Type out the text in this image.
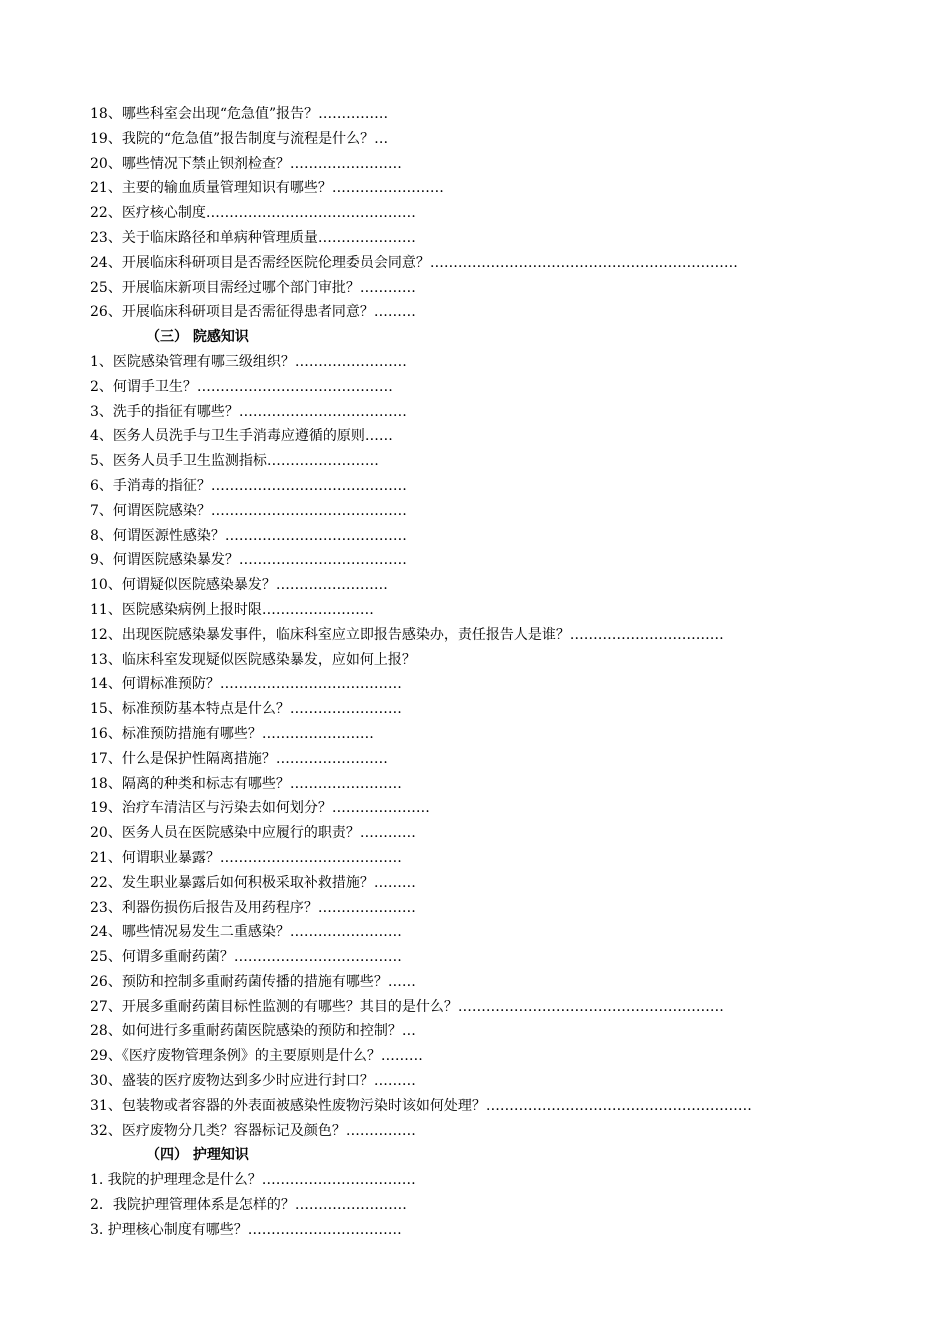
18、哪些科室会出现“危急值”报告？……………
19、我院的“危急值”报告制度与流程是什么？…
20、哪些情况下禁止钡剂检查？……………………
21、主要的输血质量管理知识有哪些？……………………
22、医疗核心制度………………………………………
23、关于临床路径和单病种管理质量…………………
24、开展临床科研项目是否需经医院伦理委员会同意？…………………………………………………………
25、开展临床新项目需经过哪个部门审批？…………
26、开展临床科研项目是否需征得患者同意？………
（三） 院感知识
1、医院感染管理有哪三级组织？……………………
2、何谓手卫生？……………………………………
3、洗手的指征有哪些？………………………………
4、医务人员洗手与卫生手消毒应遵循的原则……
5、医务人员手卫生监测指标……………………
6、手消毒的指征？……………………………………
7、何谓医院感染？……………………………………
8、何谓医源性感染？…………………………………
9、何谓医院感染暴发？………………………………
10、何谓疑似医院感染暴发？……………………
11、医院感染病例上报时限……………………
12、出现医院感染暴发事件，临床科室应立即报告感染办，责任报告人是谁？……………………………
13、临床科室发现疑似医院感染暴发，应如何上报？
14、何谓标准预防？…………………………………
15、标准预防基本特点是什么？……………………
16、标准预防措施有哪些？……………………
17、什么是保护性隔离措施？……………………
18、隔离的种类和标志有哪些？……………………
19、治疗车清洁区与污染去如何划分？…………………
20、医务人员在医院感染中应履行的职责？…………
21、何谓职业暴露？…………………………………
22、发生职业暴露后如何积极采取补救措施？………
23、利器伤损伤后报告及用药程序？…………………
24、哪些情况易发生二重感染？……………………
25、何谓多重耐药菌？………………………………
26、预防和控制多重耐药菌传播的措施有哪些？……
27、开展多重耐药菌目标性监测的有哪些？其目的是什么？…………………………………………………
28、如何进行多重耐药菌医院感染的预防和控制？…
29、《医疗废物管理条例》的主要原则是什么？………
30、盛装的医疗废物达到多少时应进行封口？………
31、包装物或者容器的外表面被感染性废物污染时该如何处理？…………………………………………………
32、医疗废物分几类？容器标记及颜色？……………
（四） 护理知识
1. 我院的护理理念是什么？……………………………
2．我院护理管理体系是怎样的？……………………
3. 护理核心制度有哪些？……………………………
